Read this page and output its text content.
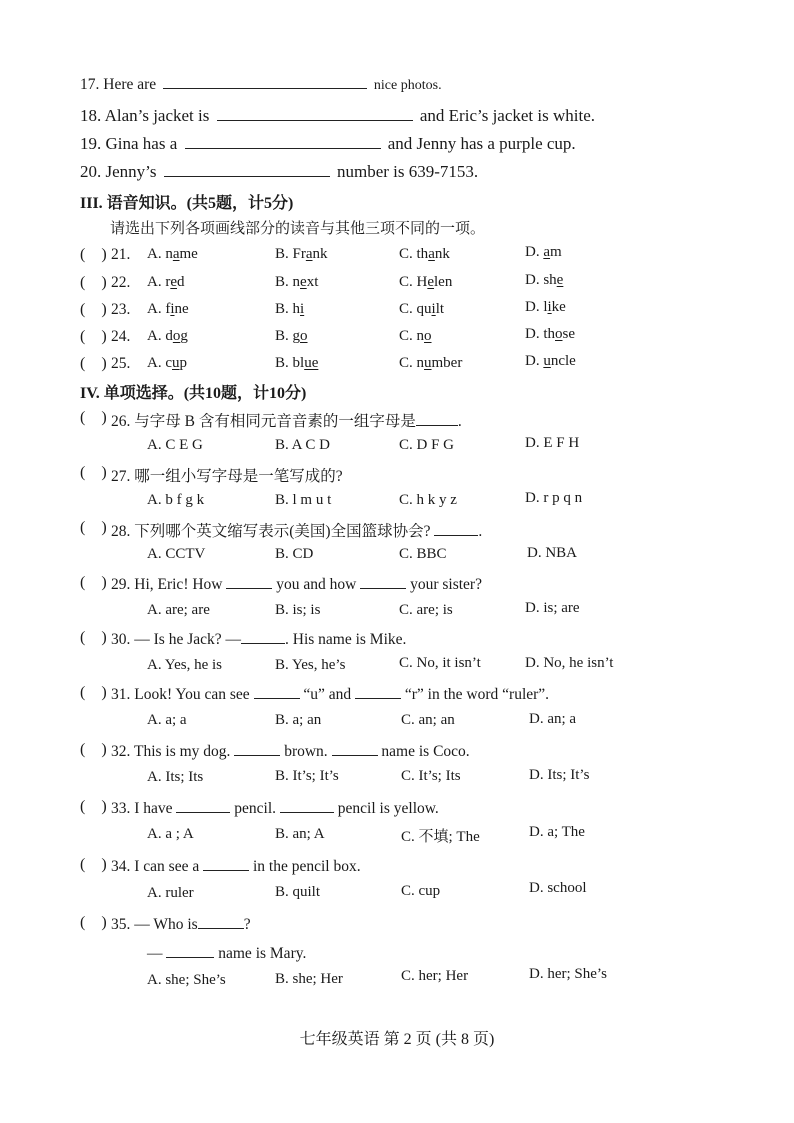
17. Here are	nice photos.
18. Alan’s jacket is	and Eric’s jacket is white.
19. Gina has a	and Jenny has a purple cup.
20. Jenny’s	number is 639-7153.
III. 语音知识。(共5题，计5分)
请选出下列各项画线部分的读音与其他三项不同的一项。
(    ) 21. A. name	B. Frank	C. thank	D. am
(    ) 22. A. red	B. next	C. Helen	D. she
(    ) 23. A. fine	B. hi	C. quilt	D. like
(    ) 24. A. dog	B. go	C. no	D. those
(    ) 25. A. cup	B. blue	C. number	D. uncle
IV. 单项选择。(共10题，计10分)
(    ) 26. 与字母 B 含有相同元音音素的一组字母是	.
A. C E G	B. A C D	C. D F G	D. E F H
(    ) 27. 哪一组小写字母是一笔写成的?
A. b f g k	B. l m u t	C. h k y z	D. r p q n
(    ) 28. 下列哪个英文缩写表示(美国)全国篮球协会?	.
A. CCTV	B. CD	C. BBC	D. NBA
(    ) 29. Hi, Eric! How	you and how	your sister?
A. are; are	B. is; is	C. are; is	D. is; are
(    ) 30. — Is he Jack? —	. His name is Mike.
A. Yes, he is	B. Yes, he’s	C. No, it isn’t	D. No, he isn’t
(    ) 31. Look! You can see	“u” and	“r” in the word “ruler”.
A. a; a	B. a; an	C. an; an	D. an; a
(    ) 32. This is my dog.	brown.	name is Coco.
A. Its; Its	B. It’s; It’s	C. It’s; Its	D. Its; It’s
(    ) 33. I have	pencil.	pencil is yellow.
A. a ; A	B. an; A	C. 不填; The	D. a; The
(    ) 34. I can see a	in the pencil box.
A. ruler	B. quilt	C. cup	D. school
(    ) 35. — Who is	?
—	name is Mary.
A. she; She’s	B. she; Her	C. her; Her	D. her; She’s
七年级英语 第 2 页 (共 8 页)
